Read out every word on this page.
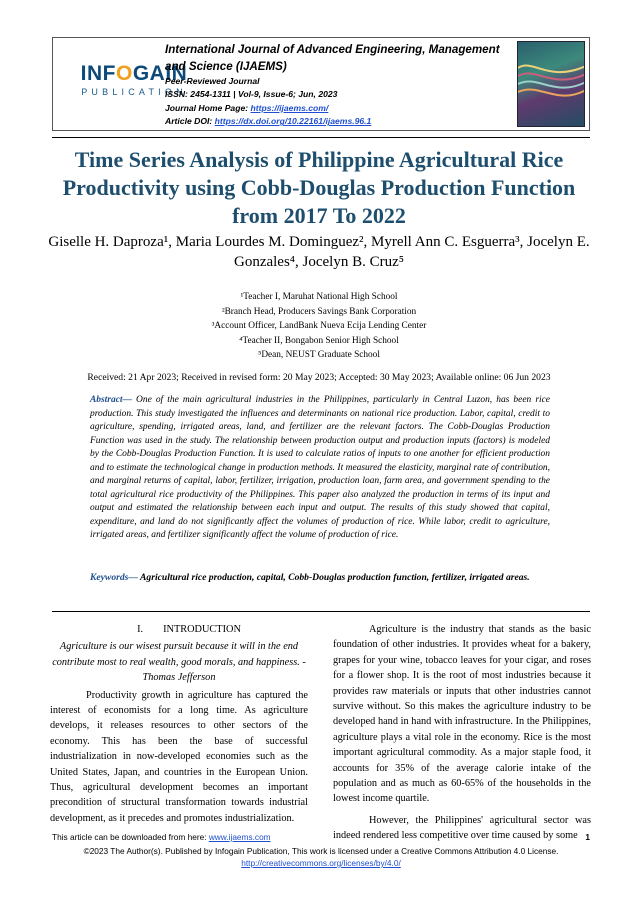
INFOGAIN
PUBLICATION
International Journal of Advanced Engineering, Management and Science (IJAEMS)
Peer-Reviewed Journal
ISSN: 2454-1311 | Vol-9, Issue-6; Jun, 2023
Journal Home Page: https://ijaems.com/
Article DOI: https://dx.doi.org/10.22161/ijaems.96.1
Time Series Analysis of Philippine Agricultural Rice Productivity using Cobb-Douglas Production Function from 2017 To 2022
Giselle H. Daproza¹, Maria Lourdes M. Dominguez², Myrell Ann C. Esguerra³, Jocelyn E. Gonzales⁴, Jocelyn B. Cruz⁵
¹Teacher I, Maruhat National High School
²Branch Head, Producers Savings Bank Corporation
³Account Officer, LandBank Nueva Ecija Lending Center
⁴Teacher II, Bongabon Senior High School
⁵Dean, NEUST Graduate School
Received: 21 Apr 2023; Received in revised form: 20 May 2023; Accepted: 30 May 2023; Available online: 06 Jun 2023
Abstract— One of the main agricultural industries in the Philippines, particularly in Central Luzon, has been rice production. This study investigated the influences and determinants on national rice production. Labor, capital, credit to agriculture, spending, irrigated areas, land, and fertilizer are the relevant factors. The Cobb-Douglas Production Function was used in the study. The relationship between production output and production inputs (factors) is modeled by the Cobb-Douglas Production Function. It is used to calculate ratios of inputs to one another for efficient production and to estimate the technological change in production methods. It measured the elasticity, marginal rate of contribution, and marginal returns of capital, labor, fertilizer, irrigation, production loan, farm area, and government spending to the total agricultural rice productivity of the Philippines. This paper also analyzed the production in terms of its input and output and estimated the relationship between each input and output. The results of this study showed that capital, expenditure, and land do not significantly affect the volumes of production of rice. While labor, credit to agriculture, irrigated areas, and fertilizer significantly affect the volume of production of rice.
Keywords— Agricultural rice production, capital, Cobb-Douglas production function, fertilizer, irrigated areas.
I. INTRODUCTION
Agriculture is our wisest pursuit because it will in the end contribute most to real wealth, good morals, and happiness. - Thomas Jefferson

Productivity growth in agriculture has captured the interest of economists for a long time. As agriculture develops, it releases resources to other sectors of the economy. This has been the base of successful industrialization in now-developed economies such as the United States, Japan, and countries in the European Union. Thus, agricultural development becomes an important precondition of structural transformation towards industrial development, as it precedes and promotes industrialization.

Agriculture is the industry that stands as the basic foundation of other industries. It provides wheat for a bakery, grapes for your wine, tobacco leaves for your cigar, and roses for a flower shop. It is the root of most industries because it provides raw materials or inputs that other industries cannot survive without. So this makes the agriculture industry to be developed hand in hand with infrastructure. In the Philippines, agriculture plays a vital role in the economy. Rice is the most important agricultural commodity. As a major staple food, it accounts for 35% of the average calorie intake of the population and as much as 60-65% of the households in the lowest income quartile.

However, the Philippines' agricultural sector was indeed rendered less competitive over time caused by some

This article can be downloaded from here: www.ijaems.com	1
©2023 The Author(s). Published by Infogain Publication, This work is licensed under a Creative Commons Attribution 4.0 License.
http://creativecommons.org/licenses/by/4.0/
